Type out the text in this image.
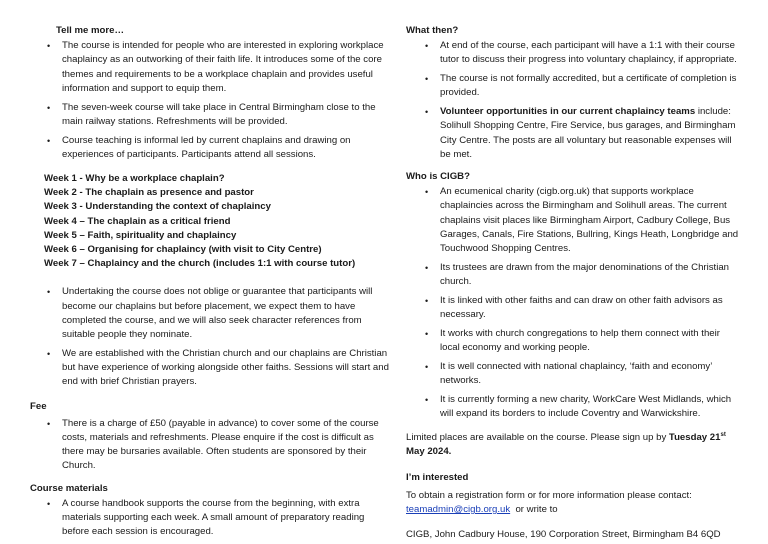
Tell me more…

• The course is intended for people who are interested in exploring workplace chaplaincy as an outworking of their faith life. It introduces some of the core themes and requirements to be a workplace chaplain and provides useful information and support to equip them.
• The seven-week course will take place in Central Birmingham close to the main railway stations. Refreshments will be provided.
• Course teaching is informal led by current chaplains and drawing on experiences of participants. Participants attend all sessions.

Week 1 - Why be a workplace chaplain?

Week 2 - The chaplain as presence and pastor

Week 3 - Understanding the context of chaplaincy

Week 4 – The chaplain as a critical friend

Week 5 – Faith, spirituality and chaplaincy

Week 6 – Organising for chaplaincy (with visit to City Centre)

Week 7 – Chaplaincy and the church (includes 1:1 with course tutor)

• Undertaking the course does not oblige or guarantee that participants will become our chaplains but before placement, we expect them to have completed the course, and we will also seek character references from suitable people they nominate.
• We are established with the Christian church and our chaplains are Christian but have experience of working alongside other faiths. Sessions will start and end with brief Christian prayers.

Fee

• There is a charge of £50 (payable in advance) to cover some of the course costs, materials and refreshments. Please enquire if the cost is difficult as there may be bursaries available. Often students are sponsored by their Church.

Course materials

• A course handbook supports the course from the beginning, with extra materials supporting each week. A small amount of preparatory reading before each session is encouraged.

What then?

• At end of the course, each participant will have a 1:1 with their course tutor to discuss their progress into voluntary chaplaincy, if appropriate.
• The course is not formally accredited, but a certificate of completion is provided.
• Volunteer opportunities in our current chaplaincy teams include: Solihull Shopping Centre, Fire Service, bus garages, and Birmingham City Centre. The posts are all voluntary but reasonable expenses will be met.

Who is CIGB?

• An ecumenical charity (cigb.org.uk) that supports workplace chaplaincies across the Birmingham and Solihull areas. The current chaplains visit places like Birmingham Airport, Cadbury College, Bus Garages, Canals, Fire Stations, Bullring, Kings Heath, Longbridge and Touchwood Shopping Centres.
• Its trustees are drawn from the major denominations of the Christian church.
• It is linked with other faiths and can draw on other faith advisors as necessary.
• It works with church congregations to help them connect with their local economy and working people.
• It is well connected with national chaplaincy, ‘faith and economy’ networks.
• It is currently forming a new charity, WorkCare West Midlands, which will expand its borders to include Coventry and Warwickshire.

Limited places are available on the course. Please sign up by Tuesday 21st May 2024.

I’m interested

To obtain a registration form or for more information please contact:
teamadmin@cigb.org.uk  or write to

CIGB, John Cadbury House, 190 Corporation Street, Birmingham B4 6QD
